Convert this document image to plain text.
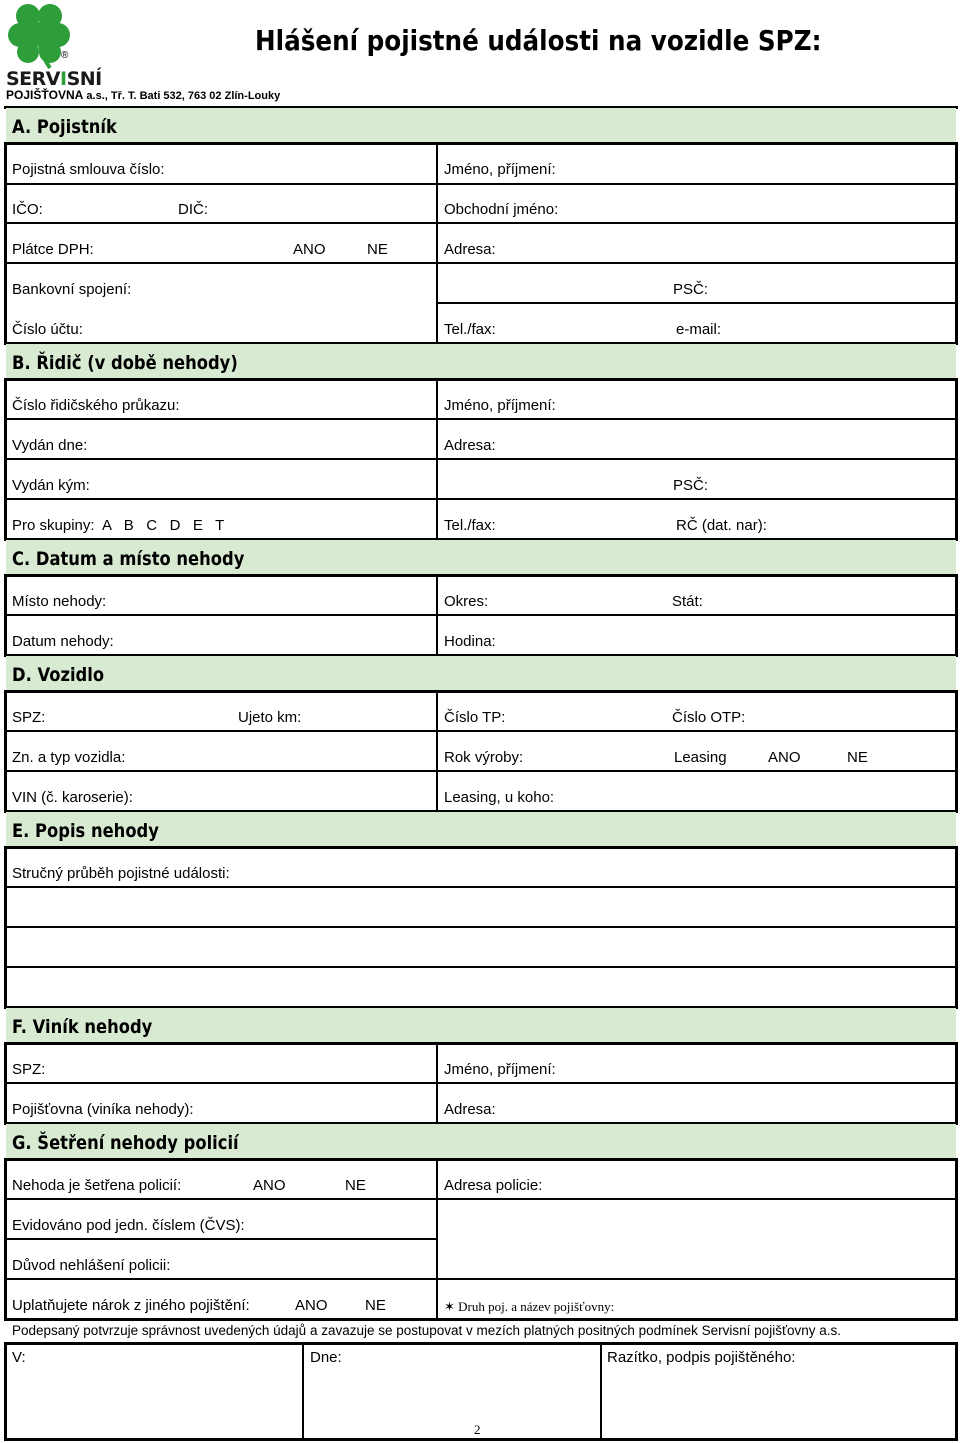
®
SERVISNÍ
POJIŠŤOVNA a.s., Tř. T. Bati 532, 763 02 Zlín-Louky
Hlášení pojistné události na vozidle SPZ:
A. Pojistník
Pojistná smlouva číslo:	Jméno, příjmení:
IČO:	DIČ:	Obchodní jméno:
Plátce DPH:	ANO	NE	Adresa:
Bankovní spojení:	PSČ:
Číslo účtu:	Tel./fax:	e-mail:
B. Řidič (v době nehody)
Číslo řidičského průkazu:	Jméno, příjmení:
Vydán dne:	Adresa:
Vydán kým:	PSČ:
Pro skupiny:  A   B   C   D   E   T	Tel./fax:	RČ (dat. nar):
C. Datum a místo nehody
Místo nehody:	Okres:	Stát:
Datum nehody:	Hodina:
D. Vozidlo
SPZ:	Ujeto km:	Číslo TP:	Číslo OTP:
Zn. a typ vozidla:	Rok výroby:	Leasing	ANO	NE
VIN (č. karoserie):	Leasing, u koho:
E. Popis nehody
Stručný průběh pojistné události:
F. Viník nehody
SPZ:	Jméno, příjmení:
Pojišťovna (viníka nehody):	Adresa:
G. Šetření nehody policií
Nehoda je šetřena policií:	ANO	NE	Adresa policie:
Evidováno pod jedn. číslem (ČVS):
Důvod nehlášení policii:
Uplatňujete nárok z jiného pojištění:	ANO NE	✶ Druh poj. a název pojišťovny:
Podepsaný potvrzuje správnost uvedených údajů a zavazuje se postupovat v mezích platných positných podmínek Servisní pojišťovny a.s.
V:	Dne:	Razítko, podpis pojištěného:
2
